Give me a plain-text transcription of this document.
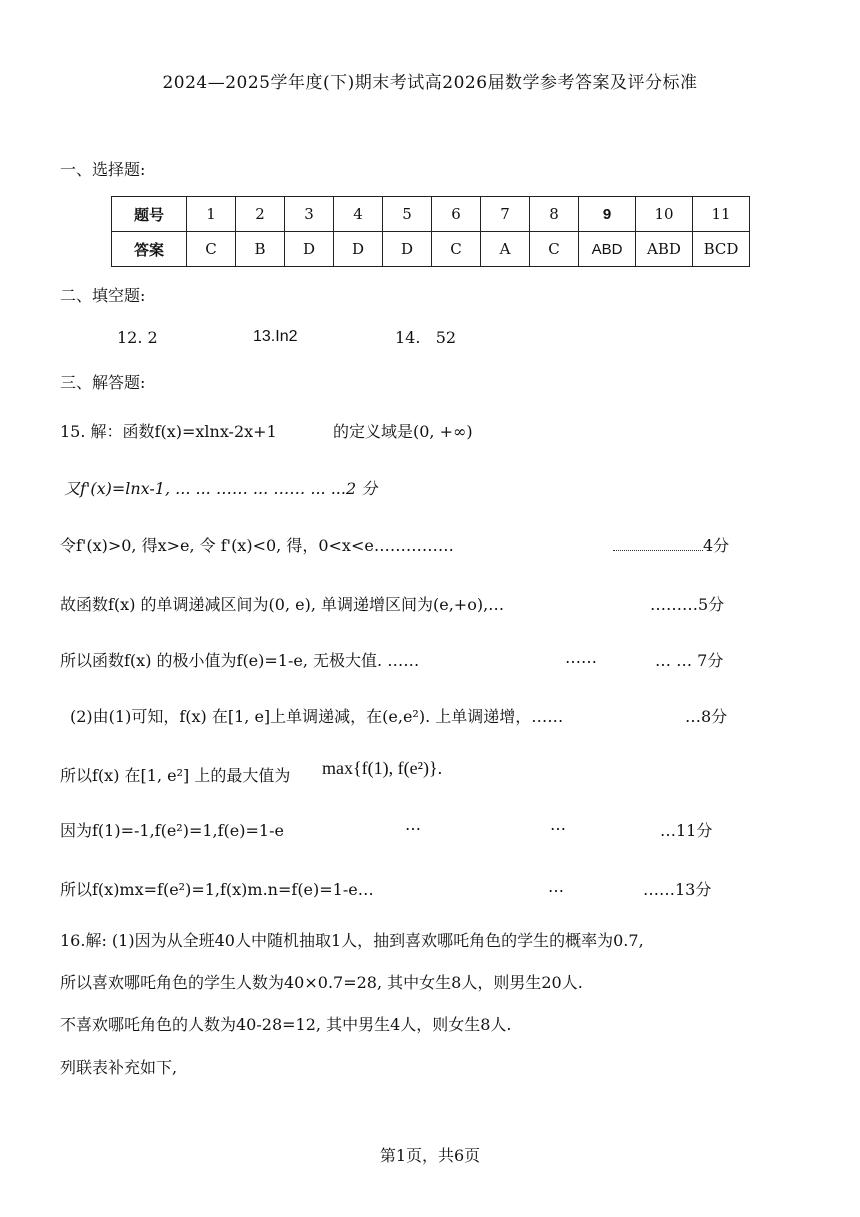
2024—2025学年度(下)期末考试高2026届数学参考答案及评分标准
一、选择题:
题号	1	2	3	4	5	6	7	8	9	10	11
答案	C	B	D	D	D	C	A	C	ABD	ABD	BCD
二、填空题:
12. 2	13.In2	14.   52
三、解答题:
15. 解：函数f(x)=xlnx-2x+1	的定义域是(0, +∞)
又f'(x)=lnx-1, ... ... …… ... …… ... ...2 分
令f'(x)>0, 得x>e, 令 f'(x)<0, 得，0<x<e……………	4分
故函数f(x) 的单调递减区间为(0, e), 单调递增区间为(e,+o),…	………5分
所以函数f(x) 的极小值为f(e)=1-e, 无极大值. ……	……	… … 7分
(2)由(1)可知，f(x) 在[1, e]上单调递减，在(e,e²). 上单调递增，……	…8分
所以f(x) 在[1, e²] 上的最大值为 max{f(1), f(e²)}.
因为f(1)=-1,f(e²)=1,f(e)=1-e	…	…	…11分
所以f(x)mx=f(e²)=1,f(x)m.n=f(e)=1-e…	…	……13分
16.解: (1)因为从全班40人中随机抽取1人，抽到喜欢哪吒角色的学生的概率为0.7,
所以喜欢哪吒角色的学生人数为40×0.7=28, 其中女生8人，则男生20人.
不喜欢哪吒角色的人数为40-28=12, 其中男生4人，则女生8人.
列联表补充如下,
第1页，共6页
